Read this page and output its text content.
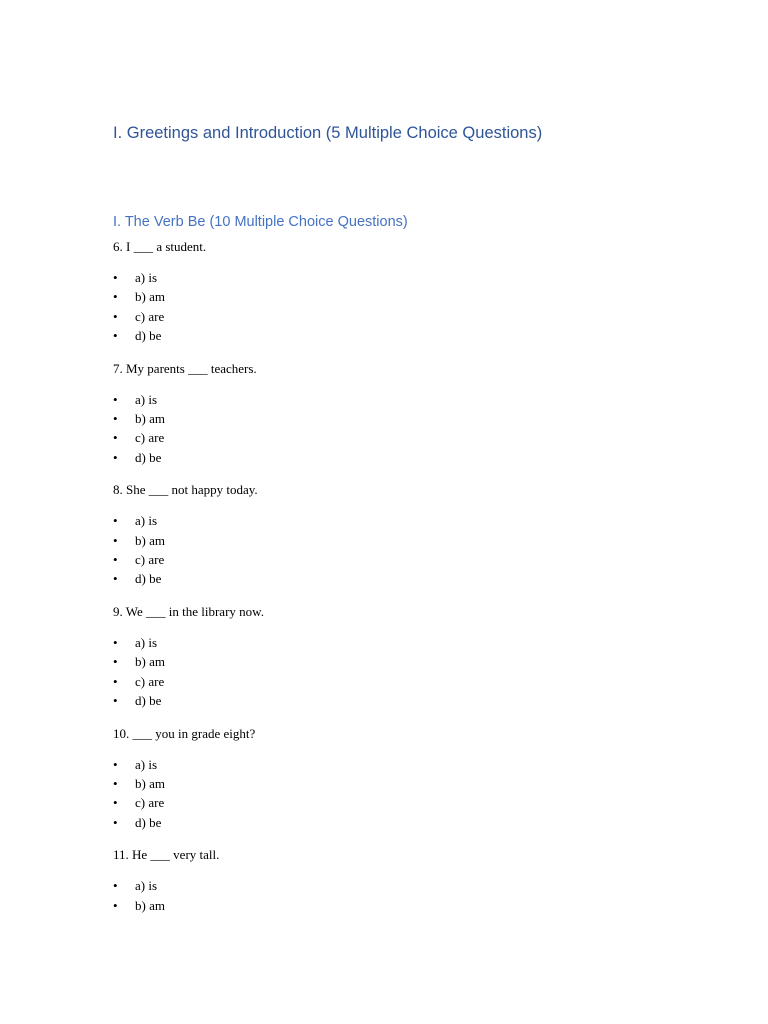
I. Greetings and Introduction (5 Multiple Choice Questions)
I. The Verb Be (10 Multiple Choice Questions)

6. I ___ a student.

• a) is
• b) am
• c) are
• d) be

7. My parents ___ teachers.

• a) is
• b) am
• c) are
• d) be

8. She ___ not happy today.

• a) is
• b) am
• c) are
• d) be

9. We ___ in the library now.

• a) is
• b) am
• c) are
• d) be

10. ___ you in grade eight?

• a) is
• b) am
• c) are
• d) be

11. He ___ very tall.

• a) is
• b) am
